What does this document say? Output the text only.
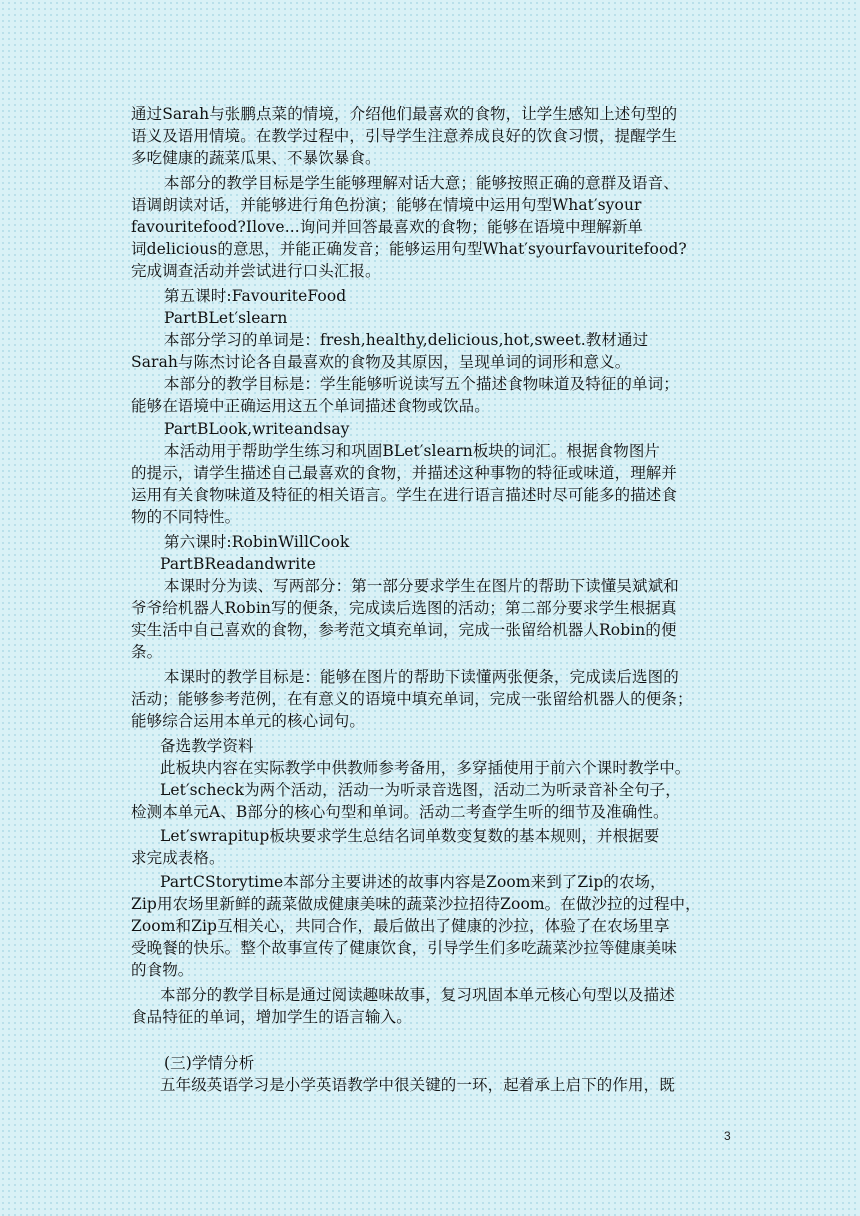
通过Sarah与张鹏点菜的情境，介绍他们最喜欢的食物，让学生感知上述句型的
语义及语用情境。在教学过程中，引导学生注意养成良好的饮食习惯，提醒学生
多吃健康的蔬菜瓜果、不暴饮暴食。
本部分的教学目标是学生能够理解对话大意；能够按照正确的意群及语音、
语调朗读对话，并能够进行角色扮演；能够在情境中运用句型What′syour
favouritefood?Ilove...询问并回答最喜欢的食物；能够在语境中理解新单
词delicious的意思，并能正确发音；能够运用句型What′syourfavouritefood?
完成调查活动并尝试进行口头汇报。
第五课时:FavouriteFood
PartBLet′slearn
本部分学习的单词是：fresh,healthy,delicious,hot,sweet.教材通过
Sarah与陈杰讨论各自最喜欢的食物及其原因，呈现单词的词形和意义。
本部分的教学目标是：学生能够听说读写五个描述食物味道及特征的单词；
能够在语境中正确运用这五个单词描述食物或饮品。
PartBLook,writeandsay
本活动用于帮助学生练习和巩固BLet′slearn板块的词汇。根据食物图片
的提示，请学生描述自己最喜欢的食物，并描述这种事物的特征或味道，理解并
运用有关食物味道及特征的相关语言。学生在进行语言描述时尽可能多的描述食
物的不同特性。
第六课时:RobinWillCook
PartBReadandwrite
本课时分为读、写两部分：第一部分要求学生在图片的帮助下读懂吴斌斌和
爷爷给机器人Robin写的便条，完成读后选图的活动；第二部分要求学生根据真
实生活中自己喜欢的食物，参考范文填充单词，完成一张留给机器人Robin的便
条。
本课时的教学目标是：能够在图片的帮助下读懂两张便条，完成读后选图的
活动；能够参考范例，在有意义的语境中填充单词，完成一张留给机器人的便条；
能够综合运用本单元的核心词句。
备选教学资料
此板块内容在实际教学中供教师参考备用，多穿插使用于前六个课时教学中。
Let′scheck为两个活动，活动一为听录音选图，活动二为听录音补全句子，
检测本单元A、B部分的核心句型和单词。活动二考查学生听的细节及准确性。
Let′swrapitup板块要求学生总结名词单数变复数的基本规则，并根据要
求完成表格。
PartCStorytime本部分主要讲述的故事内容是Zoom来到了Zip的农场，
Zip用农场里新鲜的蔬菜做成健康美味的蔬菜沙拉招待Zoom。在做沙拉的过程中，
Zoom和Zip互相关心，共同合作，最后做出了健康的沙拉，体验了在农场里享
受晚餐的快乐。整个故事宣传了健康饮食，引导学生们多吃蔬菜沙拉等健康美味
的食物。
本部分的教学目标是通过阅读趣味故事，复习巩固本单元核心句型以及描述
食品特征的单词，增加学生的语言输入。
(三)学情分析
五年级英语学习是小学英语教学中很关键的一环，起着承上启下的作用，既
3
